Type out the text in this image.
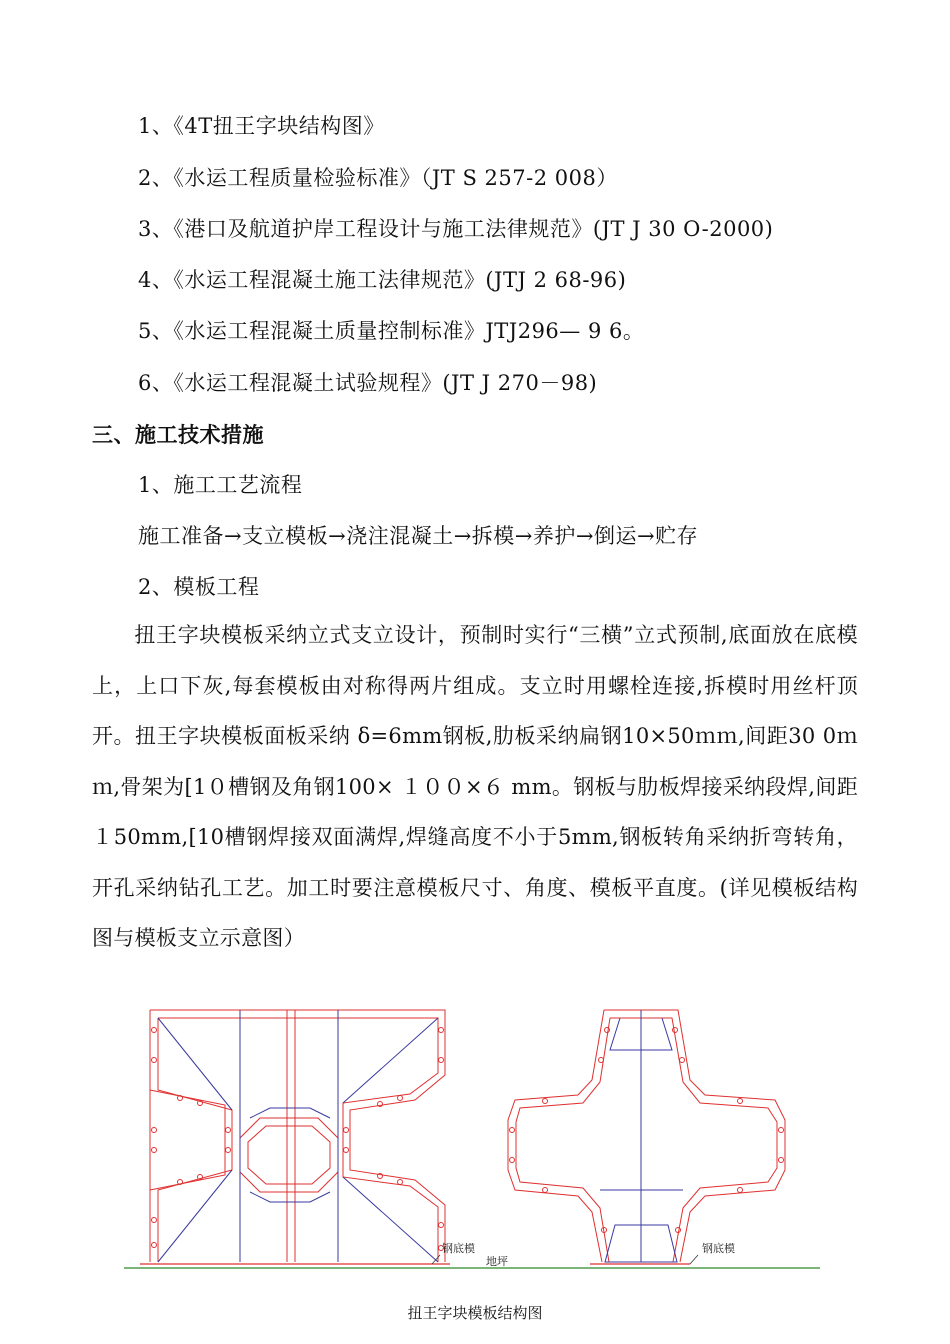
1、《4T扭王字块结构图》
2、《水运工程质量检验标准》（JT S 257-2 008）
3、《港口及航道护岸工程设计与施工法律规范》(JT J 30 O-2000)
4、《水运工程混凝土施工法律规范》(JTJ 2 68-96)
5、《水运工程混凝土质量控制标准》JTJ296— 9 6。
6、《水运工程混凝土试验规程》(JT J 270－98)
三、施工技术措施
1、施工工艺流程
施工准备→支立模板→浇注混凝土→拆模→养护→倒运→贮存
2、模板工程
扭王字块模板采纳立式支立设计，预制时实行“三横”立式预制,底面放在底模上，上口下灰,每套模板由对称得两片组成。支立时用螺栓连接,拆模时用丝杆顶开。扭王字块模板面板采纳 δ=6mm钢板,肋板采纳扁钢10×50ｍｍ,间距30 0ｍｍ,骨架为[1０槽钢及角钢100× １００×６ mm。钢板与肋板焊接采纳段焊,间距１50mm,[10槽钢焊接双面满焊,焊缝高度不小于5mm,钢板转角采纳折弯转角，开孔采纳钻孔工艺。加工时要注意模板尺寸、角度、模板平直度。(详见模板结构图与模板支立示意图）
钢底模
地坪
钢底模
扭王字块模板结构图
